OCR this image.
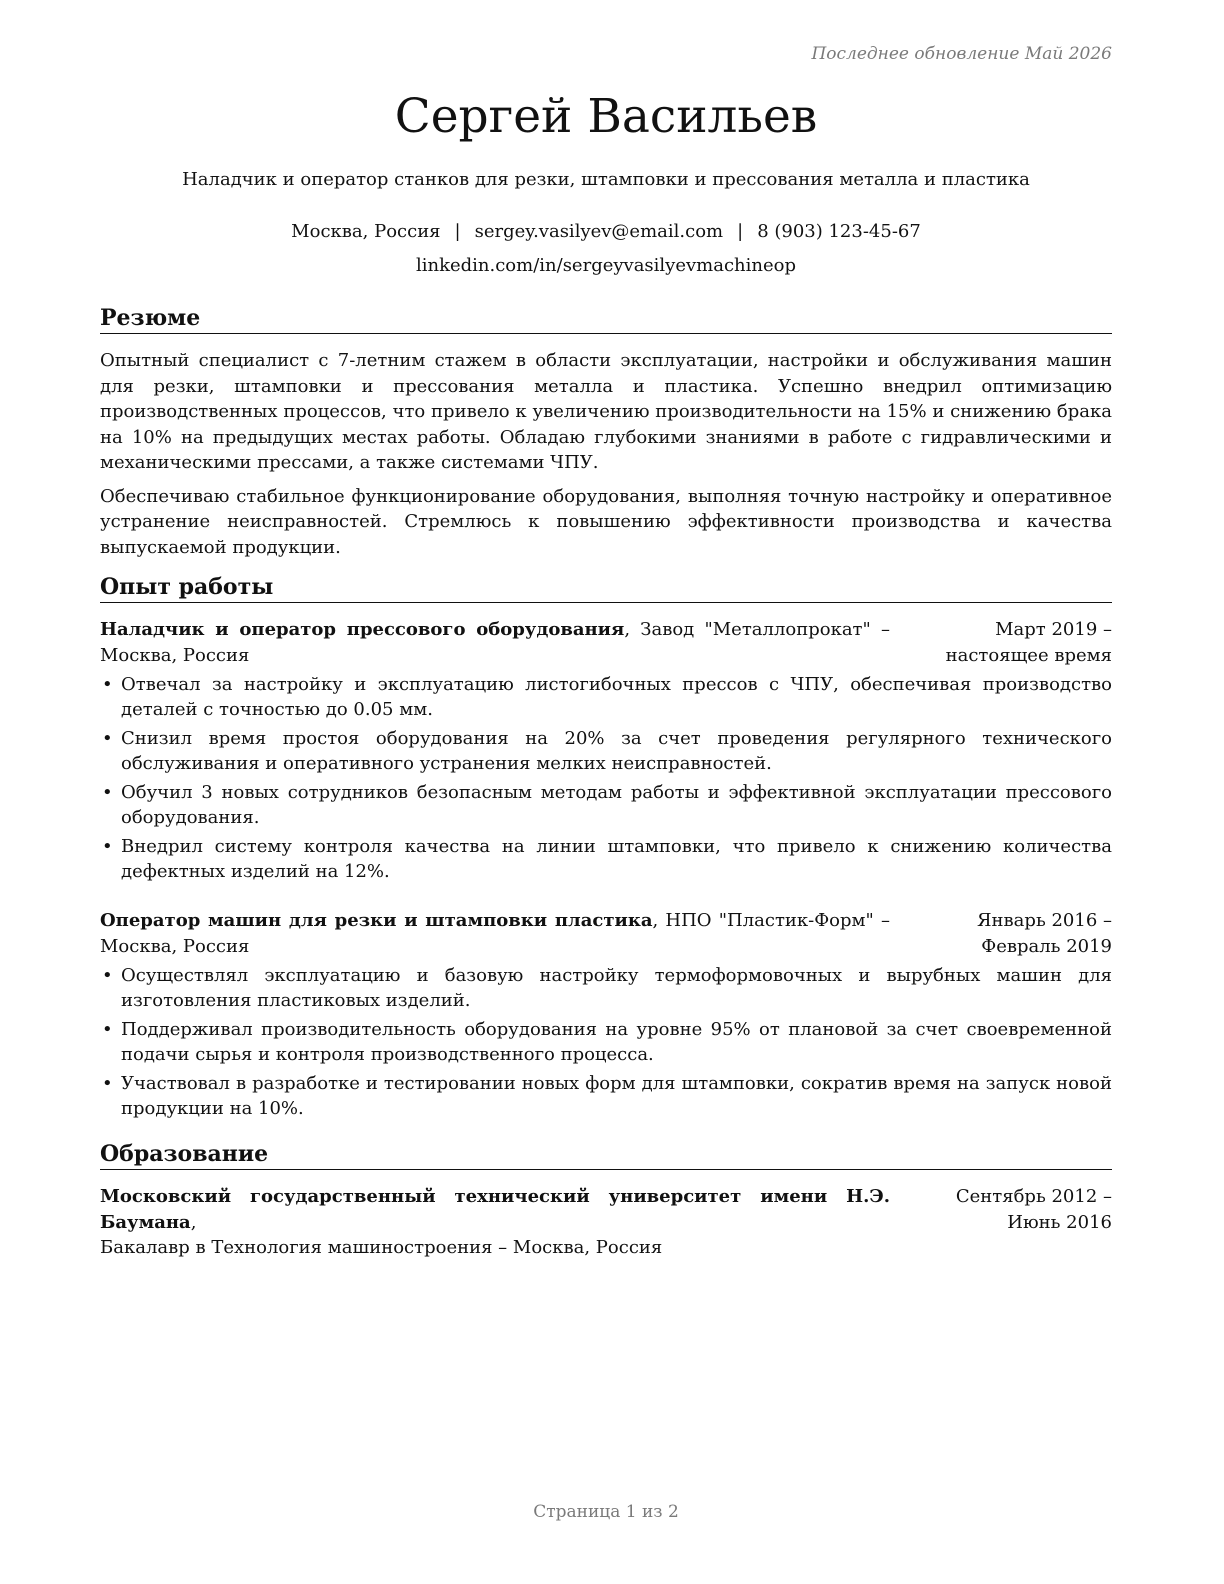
Последнее обновление Май 2026
Сергей Васильев
Наладчик и оператор станков для резки, штамповки и прессования металла и пластика
Москва, Россия | sergey.vasilyev@email.com | 8 (903) 123-45-67
linkedin.com/in/sergeyvasilyevmachineop
Резюме

Опытный специалист с 7-летним стажем в области эксплуатации, настройки и обслуживания машин для резки, штамповки и прессования металла и пластика. Успешно внедрил оптимизацию производственных процессов, что привело к увеличению производительности на 15% и снижению брака на 10% на предыдущих местах работы. Обладаю глубокими знаниями в работе с гидравлическими и механическими прессами, а также системами ЧПУ.

Обеспечиваю стабильное функционирование оборудования, выполняя точную настройку и оперативное устранение неисправностей. Стремлюсь к повышению эффективности производства и качества выпускаемой продукции.

Опыт работы
Наладчик и оператор прессового оборудования, Завод "Металлопрокат" – Москва, Россия
Март 2019 – настоящее время
• Отвечал за настройку и эксплуатацию листогибочных прессов с ЧПУ, обеспечивая производство деталей с точностью до 0.05 мм.
• Снизил время простоя оборудования на 20% за счет проведения регулярного технического обслуживания и оперативного устранения мелких неисправностей.
• Обучил 3 новых сотрудников безопасным методам работы и эффективной эксплуатации прессового оборудования.
• Внедрил систему контроля качества на линии штамповки, что привело к снижению количества дефектных изделий на 12%.
Оператор машин для резки и штамповки пластика, НПО "Пластик-Форм" – Москва, Россия
Январь 2016 – Февраль 2019
• Осуществлял эксплуатацию и базовую настройку термоформовочных и вырубных машин для изготовления пластиковых изделий.
• Поддерживал производительность оборудования на уровне 95% от плановой за счет своевременной подачи сырья и контроля производственного процесса.
• Участвовал в разработке и тестировании новых форм для штамповки, сократив время на запуск новой продукции на 10%.
Образование
Московский государственный технический университет имени Н.Э. Баумана,
Бакалавр в Технология машиностроения – Москва, Россия
Сентябрь 2012 – Июнь 2016
Страница 1 из 2
